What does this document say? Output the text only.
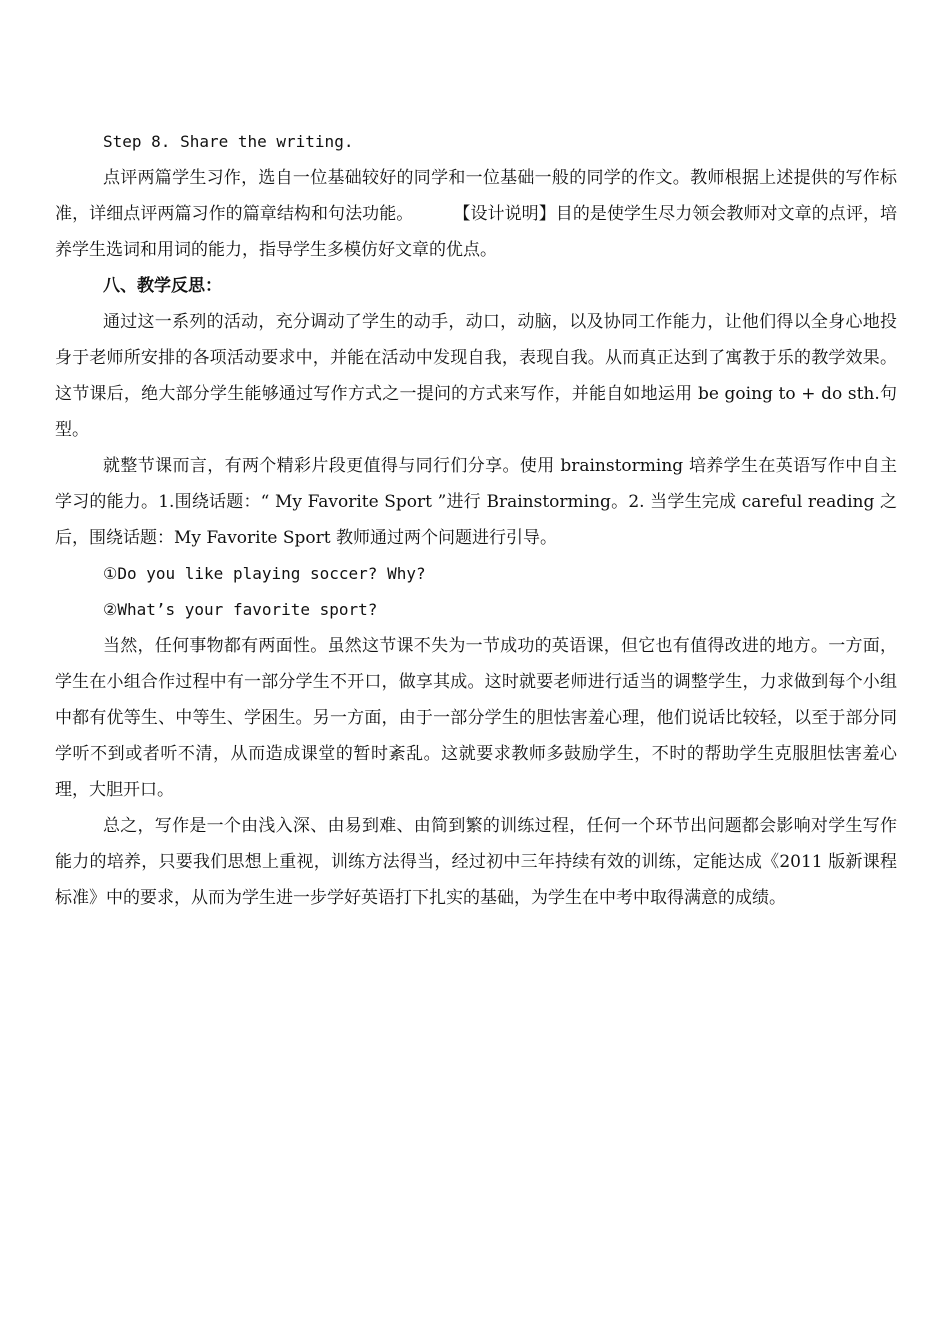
Step 8. Share the writing.

点评两篇学生习作，选自一位基础较好的同学和一位基础一般的同学的作文。教师根据上述提供的写作标准，详细点评两篇习作的篇章结构和句法功能。 【设计说明】目的是使学生尽力领会教师对文章的点评，培养学生选词和用词的能力，指导学生多模仿好文章的优点。

八、教学反思：

通过这一系列的活动，充分调动了学生的动手，动口，动脑，以及协同工作能力，让他们得以全身心地投身于老师所安排的各项活动要求中，并能在活动中发现自我，表现自我。从而真正达到了寓教于乐的教学效果。这节课后，绝大部分学生能够通过写作方式之一提问的方式来写作，并能自如地运用 be going to + do sth.句型。

就整节课而言，有两个精彩片段更值得与同行们分享。使用 brainstorming 培养学生在英语写作中自主学习的能力。1.围绕话题：“ My Favorite Sport ”进行 Brainstorming。2. 当学生完成 careful reading 之后，围绕话题：My Favorite Sport 教师通过两个问题进行引导。

①Do you like playing soccer? Why?

②What’s your favorite sport?

当然，任何事物都有两面性。虽然这节课不失为一节成功的英语课，但它也有值得改进的地方。一方面，学生在小组合作过程中有一部分学生不开口，做享其成。这时就要老师进行适当的调整学生，力求做到每个小组中都有优等生、中等生、学困生。另一方面，由于一部分学生的胆怯害羞心理，他们说话比较轻，以至于部分同学听不到或者听不清，从而造成课堂的暂时紊乱。这就要求教师多鼓励学生，不时的帮助学生克服胆怯害羞心理，大胆开口。

总之，写作是一个由浅入深、由易到难、由简到繁的训练过程，任何一个环节出问题都会影响对学生写作能力的培养，只要我们思想上重视，训练方法得当，经过初中三年持续有效的训练，定能达成《2011 版新课程标准》中的要求，从而为学生进一步学好英语打下扎实的基础，为学生在中考中取得满意的成绩。
